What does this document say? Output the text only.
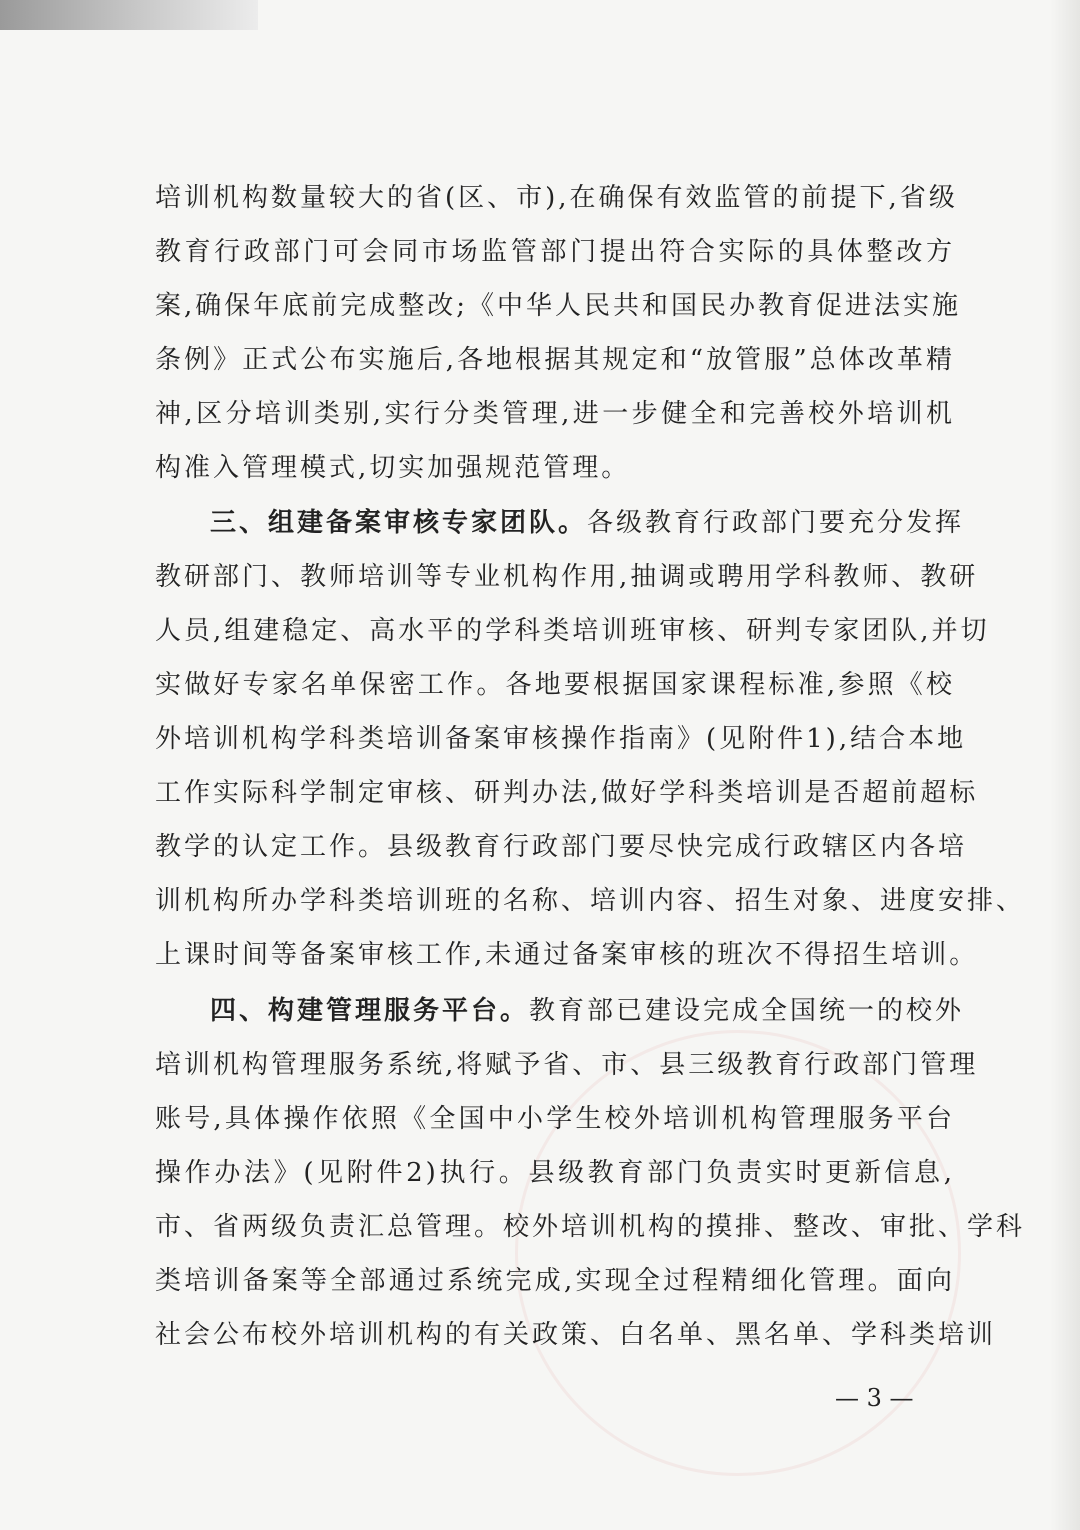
培训机构数量较大的省(区、市),在确保有效监管的前提下,省级
教育行政部门可会同市场监管部门提出符合实际的具体整改方
案,确保年底前完成整改;《中华人民共和国民办教育促进法实施
条例》正式公布实施后,各地根据其规定和“放管服”总体改革精
神,区分培训类别,实行分类管理,进一步健全和完善校外培训机
构准入管理模式,切实加强规范管理。
三、组建备案审核专家团队。各级教育行政部门要充分发挥
教研部门、教师培训等专业机构作用,抽调或聘用学科教师、教研
人员,组建稳定、高水平的学科类培训班审核、研判专家团队,并切
实做好专家名单保密工作。各地要根据国家课程标准,参照《校
外培训机构学科类培训备案审核操作指南》(见附件1),结合本地
工作实际科学制定审核、研判办法,做好学科类培训是否超前超标
教学的认定工作。县级教育行政部门要尽快完成行政辖区内各培
训机构所办学科类培训班的名称、培训内容、招生对象、进度安排、
上课时间等备案审核工作,未通过备案审核的班次不得招生培训。
四、构建管理服务平台。教育部已建设完成全国统一的校外
培训机构管理服务系统,将赋予省、市、县三级教育行政部门管理
账号,具体操作依照《全国中小学生校外培训机构管理服务平台
操作办法》(见附件2)执行。县级教育部门负责实时更新信息,
市、省两级负责汇总管理。校外培训机构的摸排、整改、审批、学科
类培训备案等全部通过系统完成,实现全过程精细化管理。面向
社会公布校外培训机构的有关政策、白名单、黑名单、学科类培训
— 3 —
